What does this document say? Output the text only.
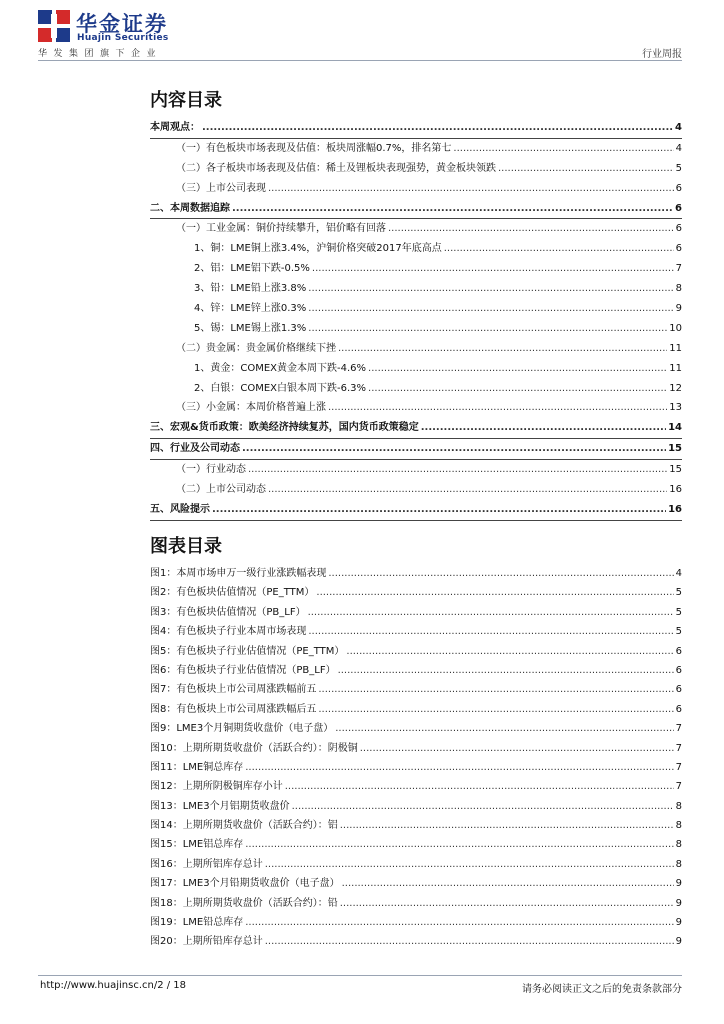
华金证券
Huajin Securities
华发集团旗下企业	行业周报
内容目录
本周观点： .....	4
（一）有色板块市场表现及估值：板块周涨幅0.7%，排名第七 .....	4
（二）各子板块市场表现及估值：稀土及锂板块表现强势，黄金板块领跌 .....	5
（三）上市公司表现 .....	6
二、本周数据追踪 .....	6
（一）工业金属：铜价持续攀升，铝价略有回落 .....	6
1、铜：LME铜上涨3.4%，沪铜价格突破2017年底高点 .....	6
2、铝：LME铝下跌-0.5% .....	7
3、铅：LME铅上涨3.8% .....	8
4、锌：LME锌上涨0.3% .....	9
5、锡：LME锡上涨1.3% .....	10
（二）贵金属：贵金属价格继续下挫 .....	11
1、黄金：COMEX黄金本周下跌-4.6% .....	11
2、白银：COMEX白银本周下跌-6.3% .....	12
（三）小金属：本周价格普遍上涨 .....	13
三、宏观&货币政策：欧美经济持续复苏，国内货币政策稳定 .....	14
四、行业及公司动态 .....	15
（一）行业动态 .....	15
（二）上市公司动态 .....	16
五、风险提示 .....	16
图表目录
图1：本周市场申万一级行业涨跌幅表现 .....	4
图2：有色板块估值情况（PE_TTM） .....	5
图3：有色板块估值情况（PB_LF） .....	5
图4：有色板块子行业本周市场表现 .....	5
图5：有色板块子行业估值情况（PE_TTM） .....	6
图6：有色板块子行业估值情况（PB_LF） .....	6
图7：有色板块上市公司周涨跌幅前五 .....	6
图8：有色板块上市公司周涨跌幅后五 .....	6
图9：LME3个月铜期货收盘价（电子盘） .....	7
图10：上期所期货收盘价（活跃合约）：阴极铜 .....	7
图11：LME铜总库存 .....	7
图12：上期所阴极铜库存小计 .....	7
图13：LME3个月铝期货收盘价 .....	8
图14：上期所期货收盘价（活跃合约）：铝 .....	8
图15：LME铝总库存 .....	8
图16：上期所铝库存总计 .....	8
图17：LME3个月铅期货收盘价（电子盘） .....	9
图18：上期所期货收盘价（活跃合约）：铅 .....	9
图19：LME铅总库存 .....	9
图20：上期所铅库存总计 .....	9
http://www.huajinsc.cn/2 / 18	请务必阅读正文之后的免责条款部分
